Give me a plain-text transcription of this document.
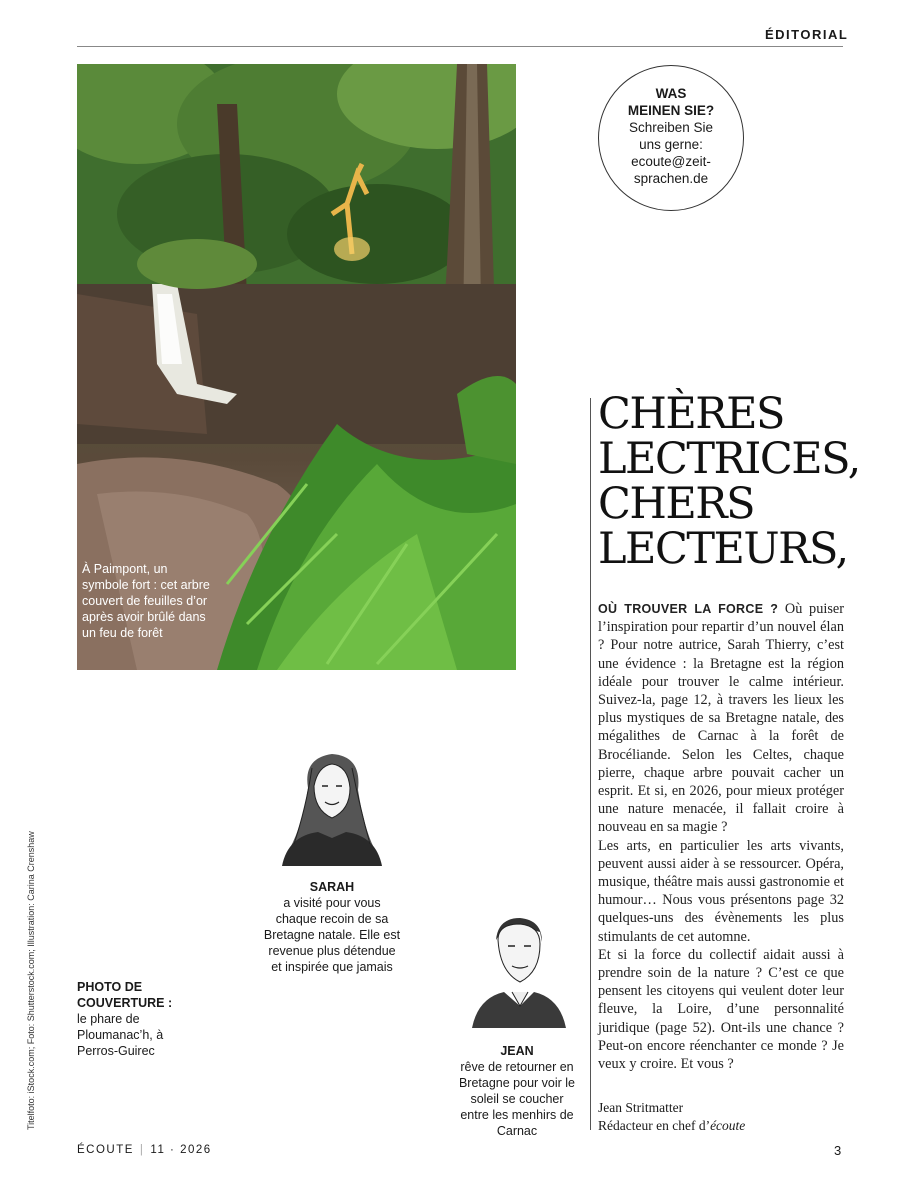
ÉDITORIAL
À Paimpont, un symbole fort : cet arbre couvert de feuilles d’or après avoir brûlé dans un feu de forêt
WAS
MEINEN SIE?
Schreiben Sie
uns gerne:
ecoute@zeit-
sprachen.de
CHÈRES
LECTRICES,
CHERS
LECTEURS,

OÙ TROUVER LA FORCE ? Où puiser l’inspiration pour repartir d’un nouvel élan ? Pour notre autrice, Sarah Thierry, c’est une évidence : la Bretagne est la région idéale pour trouver le calme intérieur. Suivez-la, page 12, à travers les lieux les plus mystiques de sa Bretagne natale, des mégalithes de Carnac à la forêt de Brocéliande. Selon les Celtes, chaque pierre, chaque arbre pouvait cacher un esprit. Et si, en 2026, pour mieux protéger une nature menacée, il fallait croire à nouveau en sa magie ?

Les arts, en particulier les arts vivants, peuvent aussi aider à se ressourcer. Opéra, musique, théâtre mais aussi gastronomie et humour… Nous vous présentons page 32 quelques-uns des évènements les plus stimulants de cet automne.

Et si la force du collectif aidait aussi à prendre soin de la nature ? C’est ce que pensent les citoyens qui veulent doter leur fleuve, la Loire, d’une personnalité juridique (page 52). Ont-ils une chance ? Peut-on encore réenchanter ce monde ? Je veux y croire. Et vous ?

Jean Stritmatter
Rédacteur en chef d’écoute
SARAH
a visité pour vous chaque recoin de sa Bretagne natale. Elle est revenue plus détendue et inspirée que jamais
JEAN
rêve de retourner en Bretagne pour voir le soleil se coucher entre les menhirs de Carnac
PHOTO DE COUVERTURE :
le phare de Ploumanac’h, à Perros-Guirec
Titelfoto: iStock.com; Foto: Shutterstock.com; Illustration: Carina Crenshaw
ÉCOUTE | 11 · 2026	3
